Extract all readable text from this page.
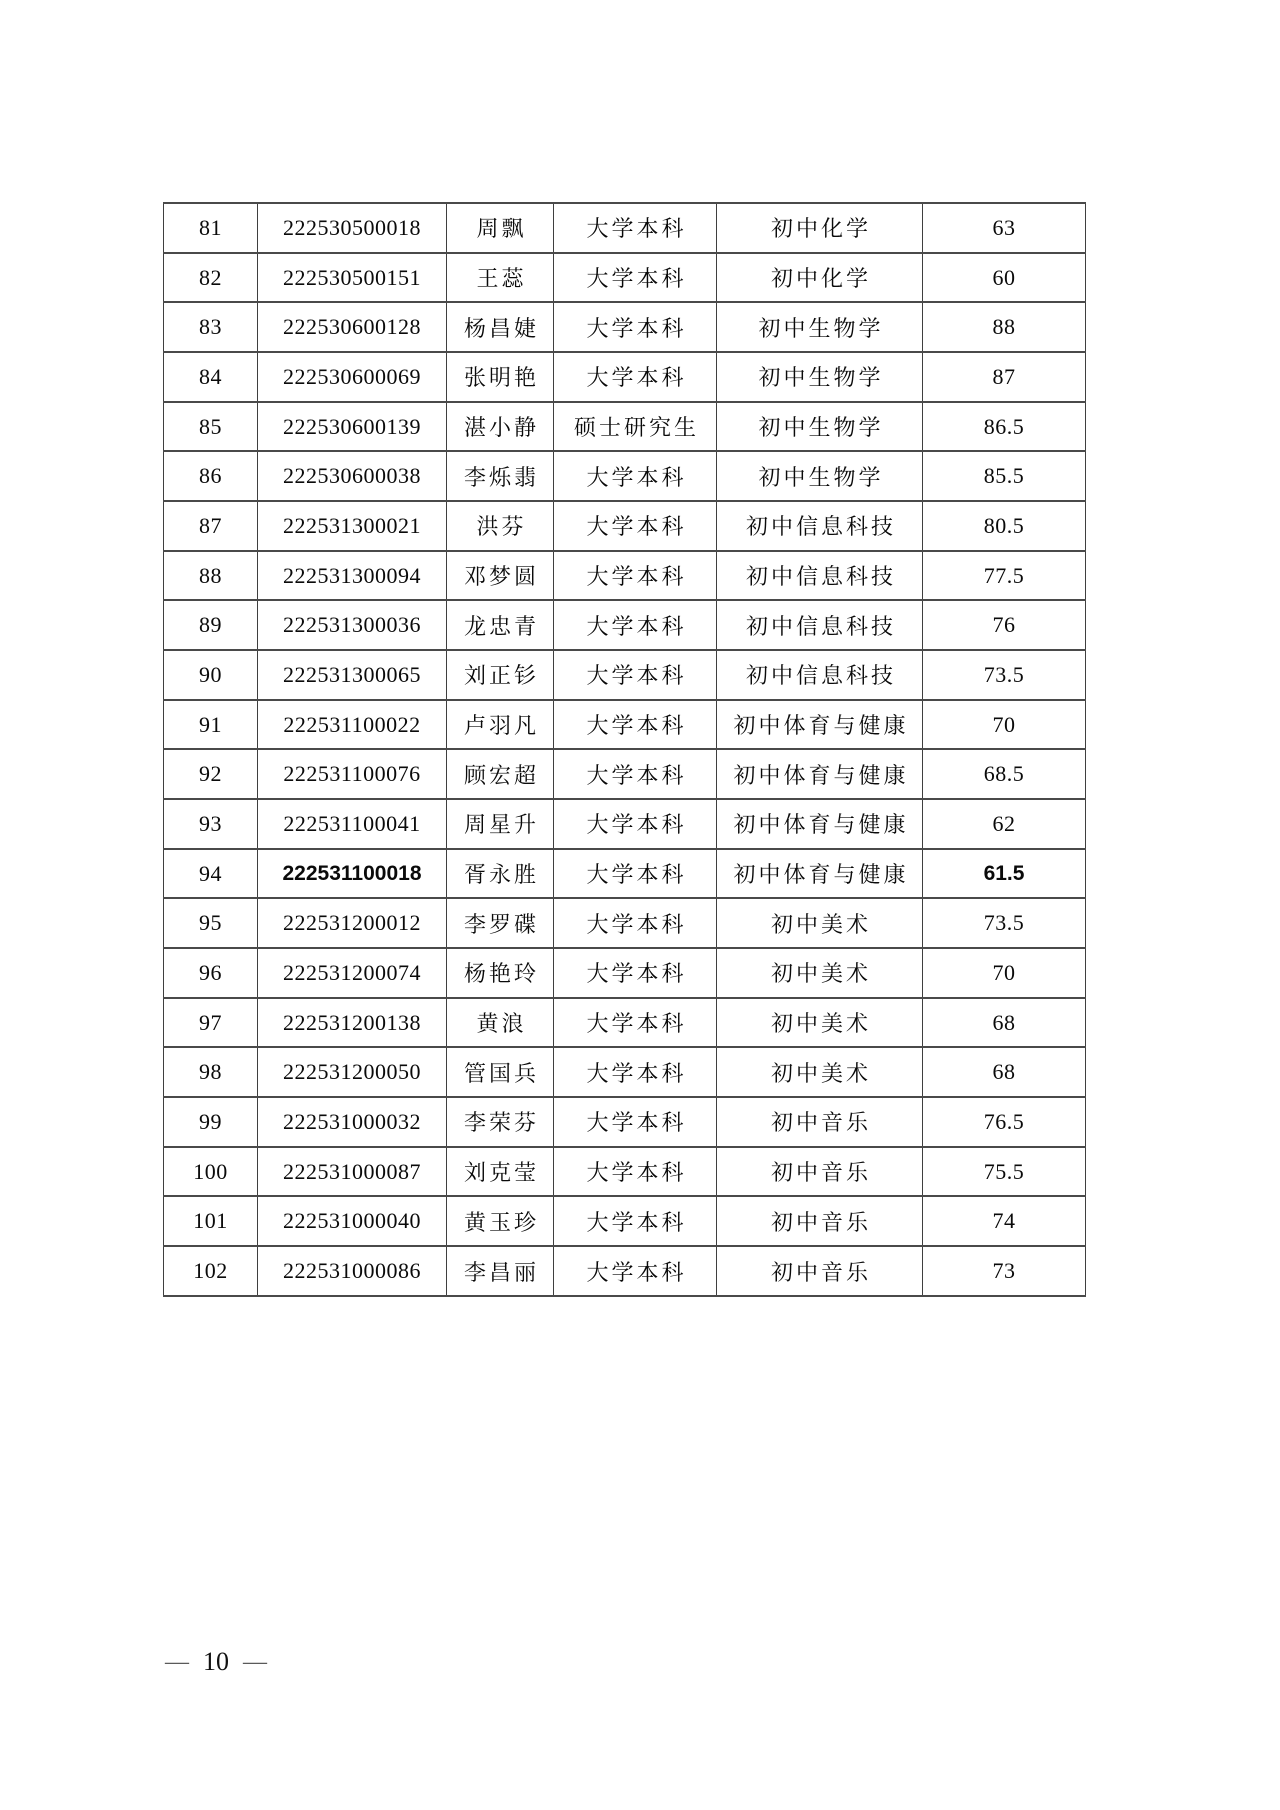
81	222530500018	周飘	大学本科	初中化学	63
82	222530500151	王蕊	大学本科	初中化学	60
83	222530600128	杨昌婕	大学本科	初中生物学	88
84	222530600069	张明艳	大学本科	初中生物学	87
85	222530600139	湛小静	硕士研究生	初中生物学	86.5
86	222530600038	李烁翡	大学本科	初中生物学	85.5
87	222531300021	洪芬	大学本科	初中信息科技	80.5
88	222531300094	邓梦圆	大学本科	初中信息科技	77.5
89	222531300036	龙忠青	大学本科	初中信息科技	76
90	222531300065	刘正钐	大学本科	初中信息科技	73.5
91	222531100022	卢羽凡	大学本科	初中体育与健康	70
92	222531100076	顾宏超	大学本科	初中体育与健康	68.5
93	222531100041	周星升	大学本科	初中体育与健康	62
94	222531100018	胥永胜	大学本科	初中体育与健康	61.5
95	222531200012	李罗碟	大学本科	初中美术	73.5
96	222531200074	杨艳玲	大学本科	初中美术	70
97	222531200138	黄浪	大学本科	初中美术	68
98	222531200050	管国兵	大学本科	初中美术	68
99	222531000032	李荣芬	大学本科	初中音乐	76.5
100	222531000087	刘克莹	大学本科	初中音乐	75.5
101	222531000040	黄玉珍	大学本科	初中音乐	74
102	222531000086	李昌丽	大学本科	初中音乐	73
— 10 —
